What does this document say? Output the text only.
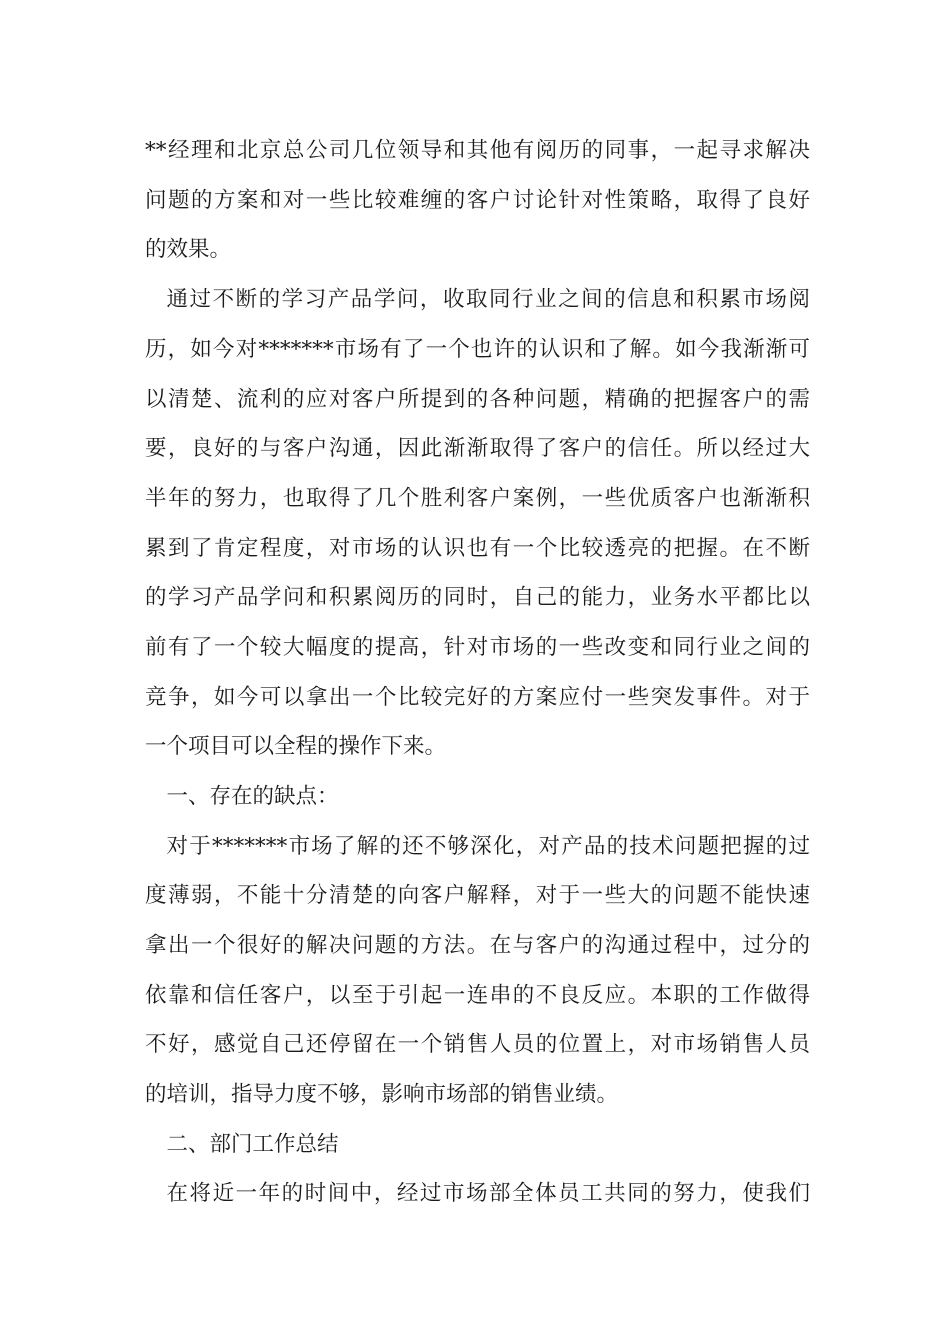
**经理和北京总公司几位领导和其他有阅历的同事，一起寻求解决
问题的方案和对一些比较难缠的客户讨论针对性策略，取得了良好
的效果。
通过不断的学习产品学问，收取同行业之间的信息和积累市场阅
历，如今对*******市场有了一个也许的认识和了解。如今我渐渐可
以清楚、流利的应对客户所提到的各种问题，精确的把握客户的需
要，良好的与客户沟通，因此渐渐取得了客户的信任。所以经过大
半年的努力，也取得了几个胜利客户案例，一些优质客户也渐渐积
累到了肯定程度，对市场的认识也有一个比较透亮的把握。在不断
的学习产品学问和积累阅历的同时，自己的能力，业务水平都比以
前有了一个较大幅度的提高，针对市场的一些改变和同行业之间的
竞争，如今可以拿出一个比较完好的方案应付一些突发事件。对于
一个项目可以全程的操作下来。
一、存在的缺点：
对于*******市场了解的还不够深化，对产品的技术问题把握的过
度薄弱，不能十分清楚的向客户解释，对于一些大的问题不能快速
拿出一个很好的解决问题的方法。在与客户的沟通过程中，过分的
依靠和信任客户，以至于引起一连串的不良反应。本职的工作做得
不好，感觉自己还停留在一个销售人员的位置上，对市场销售人员
的培训，指导力度不够，影响市场部的销售业绩。
二、部门工作总结
在将近一年的时间中，经过市场部全体员工共同的努力，使我们
